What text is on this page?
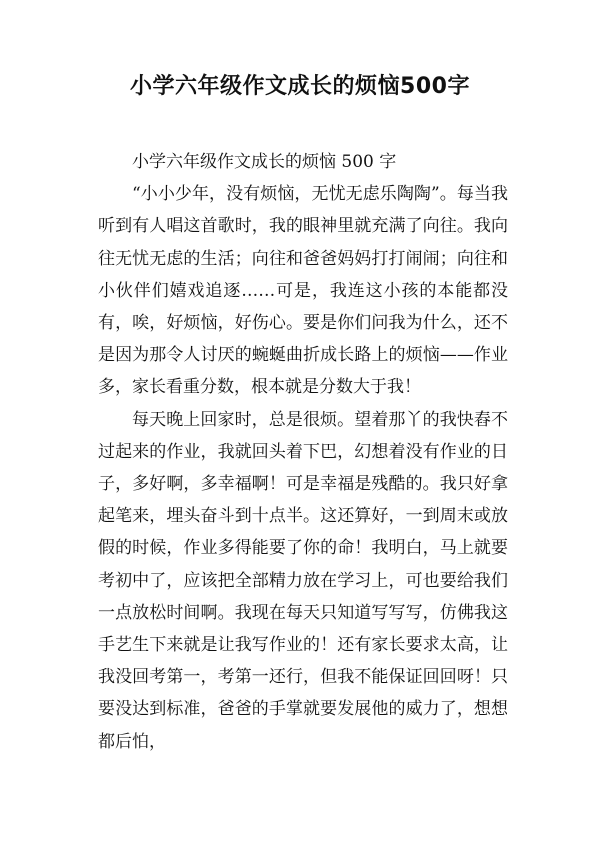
小学六年级作文成长的烦恼500字

小学六年级作文成长的烦恼 500 字

“小小少年，没有烦恼，无忧无虑乐陶陶”。每当我听到有人唱这首歌时，我的眼神里就充满了向往。我向往无忧无虑的生活；向往和爸爸妈妈打打闹闹；向往和小伙伴们嬉戏追逐……可是，我连这小孩的本能都没有，唉，好烦恼，好伤心。要是你们问我为什么，还不是因为那令人讨厌的蜿蜒曲折成长路上的烦恼——作业多，家长看重分数，根本就是分数大于我！

每天晚上回家时，总是很烦。望着那丫的我快舂不过起来的作业，我就回头着下巴，幻想着没有作业的日子，多好啊，多幸福啊！可是幸福是残酷的。我只好拿起笔来，埋头奋斗到十点半。这还算好，一到周末或放假的时候，作业多得能要了你的命！我明白，马上就要考初中了，应该把全部精力放在学习上，可也要给我们一点放松时间啊。我现在每天只知道写写写，仿佛我这手艺生下来就是让我写作业的！还有家长要求太高，让我没回考第一，考第一还行，但我不能保证回回呀！只要没达到标准，爸爸的手掌就要发展他的威力了，想想都后怕，
